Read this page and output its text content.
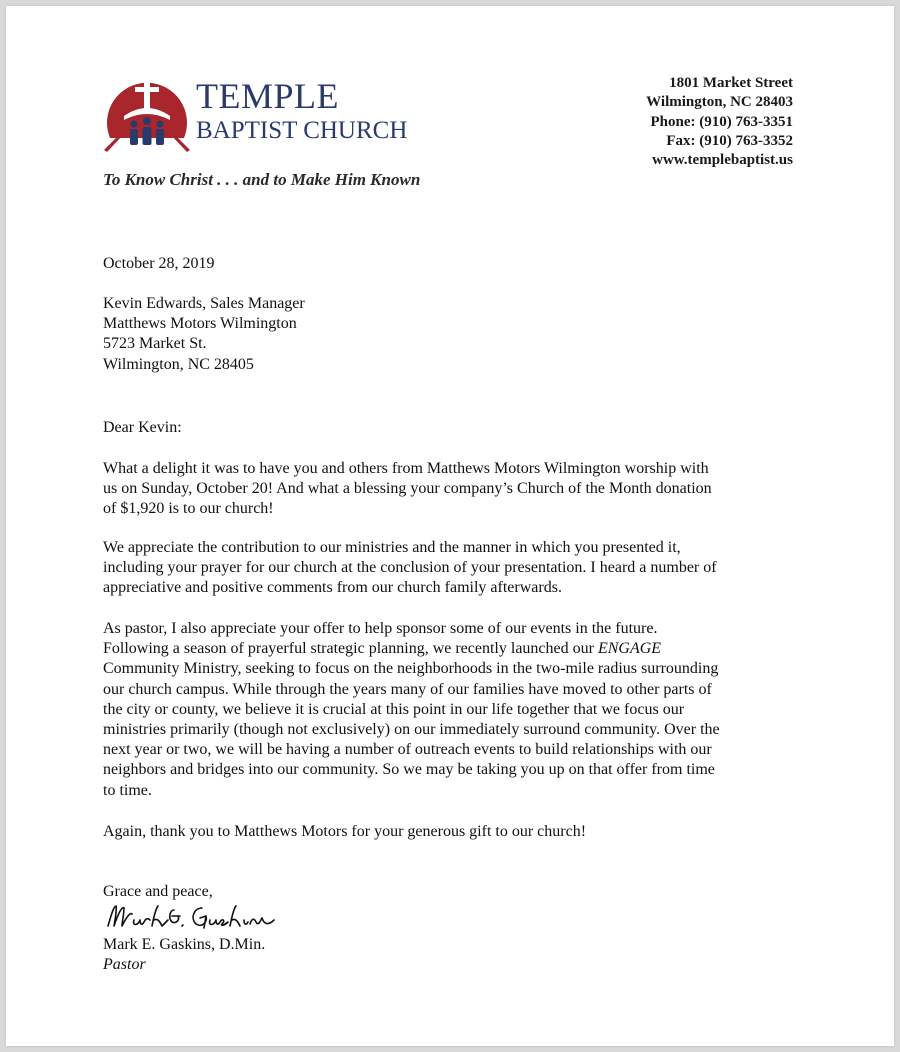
TEMPLE
BAPTIST CHURCH
To Know Christ . . . and to Make Him Known
1801 Market Street
Wilmington, NC 28403
Phone: (910) 763-3351
Fax: (910) 763-3352
www.templebaptist.us
October 28, 2019
Kevin Edwards, Sales Manager
Matthews Motors Wilmington
5723 Market St.
Wilmington, NC 28405
Dear Kevin:
What a delight it was to have you and others from Matthews Motors Wilmington worship with
us on Sunday, October 20! And what a blessing your company’s Church of the Month donation
of $1,920 is to our church!
We appreciate the contribution to our ministries and the manner in which you presented it,
including your prayer for our church at the conclusion of your presentation. I heard a number of
appreciative and positive comments from our church family afterwards.
As pastor, I also appreciate your offer to help sponsor some of our events in the future.
Following a season of prayerful strategic planning, we recently launched our ENGAGE
Community Ministry, seeking to focus on the neighborhoods in the two-mile radius surrounding
our church campus. While through the years many of our families have moved to other parts of
the city or county, we believe it is crucial at this point in our life together that we focus our
ministries primarily (though not exclusively) on our immediately surround community. Over the
next year or two, we will be having a number of outreach events to build relationships with our
neighbors and bridges into our community. So we may be taking you up on that offer from time
to time.
Again, thank you to Matthews Motors for your generous gift to our church!
Grace and peace,
Mark E. Gaskins, D.Min.
Pastor
